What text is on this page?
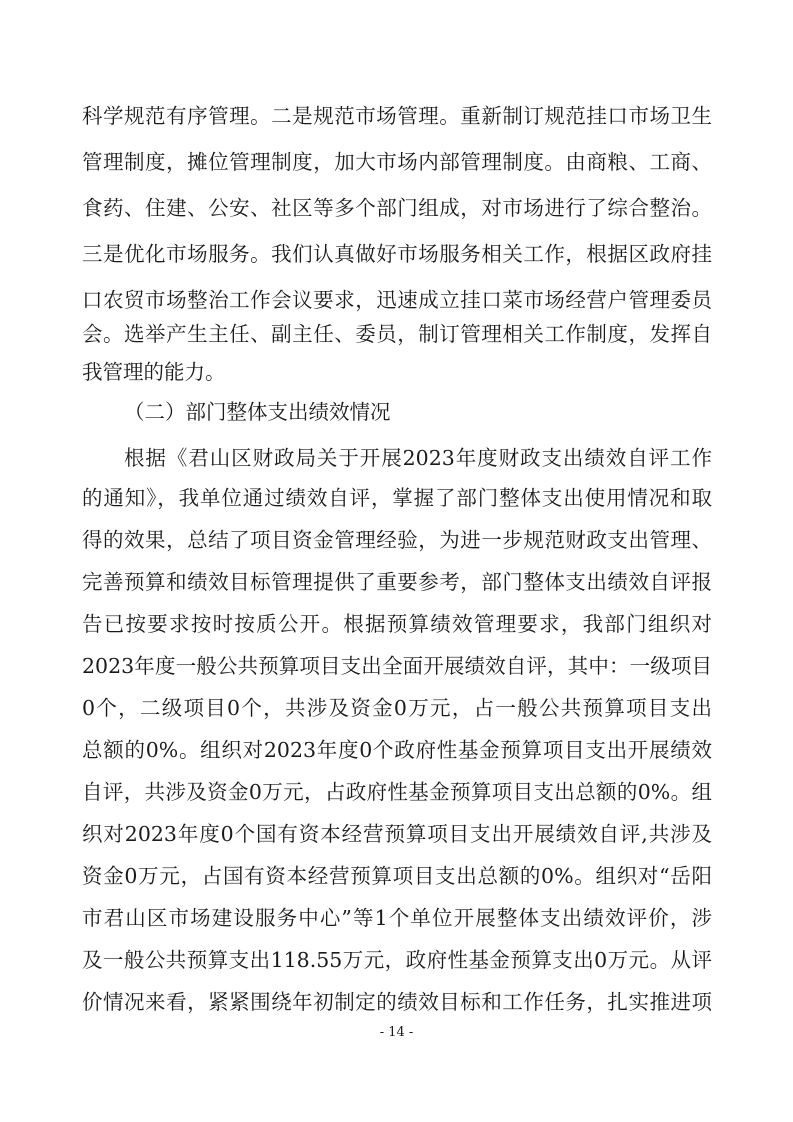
科学规范有序管理。二是规范市场管理。重新制订规范挂口市场卫生
管理制度，摊位管理制度，加大市场内部管理制度。由商粮、工商、
食药、住建、公安、社区等多个部门组成，对市场进行了综合整治。
三是优化市场服务。我们认真做好市场服务相关工作，根据区政府挂
口农贸市场整治工作会议要求，迅速成立挂口菜市场经营户管理委员
会。选举产生主任、副主任、委员，制订管理相关工作制度，发挥自
我管理的能力。
（二）部门整体支出绩效情况
根据《君山区财政局关于开展2023年度财政支出绩效自评工作
的通知》，我单位通过绩效自评，掌握了部门整体支出使用情况和取
得的效果，总结了项目资金管理经验，为进一步规范财政支出管理、
完善预算和绩效目标管理提供了重要参考，部门整体支出绩效自评报
告已按要求按时按质公开。根据预算绩效管理要求，我部门组织对
2023年度一般公共预算项目支出全面开展绩效自评，其中：一级项目
0个，二级项目0个，共涉及资金0万元，占一般公共预算项目支出
总额的0%。组织对2023年度0个政府性基金预算项目支出开展绩效
自评，共涉及资金0万元，占政府性基金预算项目支出总额的0%。组
织对2023年度0个国有资本经营预算项目支出开展绩效自评,共涉及
资金0万元，占国有资本经营预算项目支出总额的0%。组织对“岳阳
市君山区市场建设服务中心”等1个单位开展整体支出绩效评价，涉
及一般公共预算支出118.55万元，政府性基金预算支出0万元。从评
价情况来看，紧紧围绕年初制定的绩效目标和工作任务，扎实推进项
- 14 -
